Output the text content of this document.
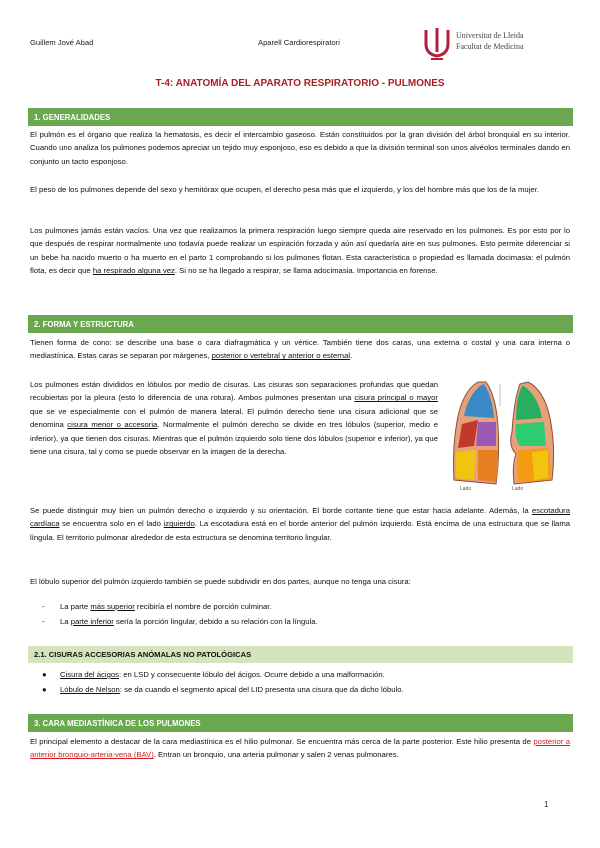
Guillem Jové Abad	Aparell Cardiorespiratori
Universitat de Lleida
Facultat de Medicina
T-4: ANATOMÍA DEL APARATO RESPIRATORIO - PULMONES
1. GENERALIDADES
El pulmón es el órgano que realiza la hematosis, es decir el intercambio gaseoso. Están constituidos por la gran división del árbol bronquial en su interior. Cuando uno analiza los pulmones podemos apreciar un tejido muy esponjoso, eso es debido a que la división terminal son unos alvéolos terminales dando en conjunto un tacto esponjoso.
El peso de los pulmones depende del sexo y hemitórax que ocupen, el derecho pesa más que el izquierdo, y los del hombre más que los de la mujer.
Los pulmones jamás están vacíos. Una vez que realizamos la primera respiración luego siempre queda aire reservado en los pulmones. Es por esto por lo que después de respirar normalmente uno todavía puede realizar un espiración forzada y aún así quedaría aire en sus pulmones. Esto permite diferenciar si un bebe ha nacido muerto o ha muerto en el parto 1 comprobando si los pulmones flotan. Esta característica o propiedad es llamada docimasia: el pulmón flota, es decir que ha respirado alguna vez. Si no se ha llegado a respirar, se llama adocimasia. Importancia en forense.
2. FORMA Y ESTRUCTURA
Tienen forma de cono: se describe una base o cara diafragmática y un vértice. También tiene dos caras, una externa o costal y una cara interna o mediastínica. Estas caras se separan por márgenes, posterior o vertebral y anterior o esternal.
Los pulmones están divididos en lóbulos por medio de cisuras. Las cisuras son separaciones profundas que quedan recubiertas por la pleura (esto lo diferencia de una rotura). Ambos pulmones presentan una cisura principal o mayor que se ve especialmente con el pulmón de manera lateral. El pulmón derecho tiene una cisura adicional que se denomina cisura menor o accesoria. Normalmente el pulmón derecho se divide en tres lóbulos (superior, medio e inferior), ya que tienen dos cisuras. Mientras que el pulmón izquierdo solo tiene dos lóbulos (superior e inferior), ya que tiene una cisura, tal y como se puede observar en la imagen de la derecha.
Lado	Lado
Se puede distinguir muy bien un pulmón derecho o izquierdo y su orientación. El borde cortante tiene que estar hacia adelante. Además, la escotadura cardíaca se encuentra solo en el lado izquierdo. La escotadura está en el borde anterior del pulmón izquierdo. Está encima de una estructura que se llama língula. El territorio pulmonar alrededor de esta estructura se denomina territorio lingular.
El lóbulo superior del pulmón izquierdo también se puede subdividir en dos partes, aunque no tenga una cisura:
- La parte más superior recibiría el nombre de porción culminar.
- La parte inferior sería la porción lingular, debido a su relación con la língula.
2.1. CISURAS ACCESORIAS ANÓMALAS NO PATOLÓGICAS
● Cisura del ácigos: en LSD y consecuente lóbulo del ácigos. Ocurre debido a una malformación.
● Lóbulo de Nelson: se da cuando el segmento apical del LID presenta una cisura que da dicho lóbulo.
3. CARA MEDIASTÍNICA DE LOS PULMONES
El principal elemento a destacar de la cara mediastínica es el hilio pulmonar. Se encuentra más cerca de la parte posterior. Este hilio presenta de posterior a anterior bronquio-arteria-vena (BAV). Entran un bronquio, una arteria pulmonar y salen 2 venas pulmonares.
1
